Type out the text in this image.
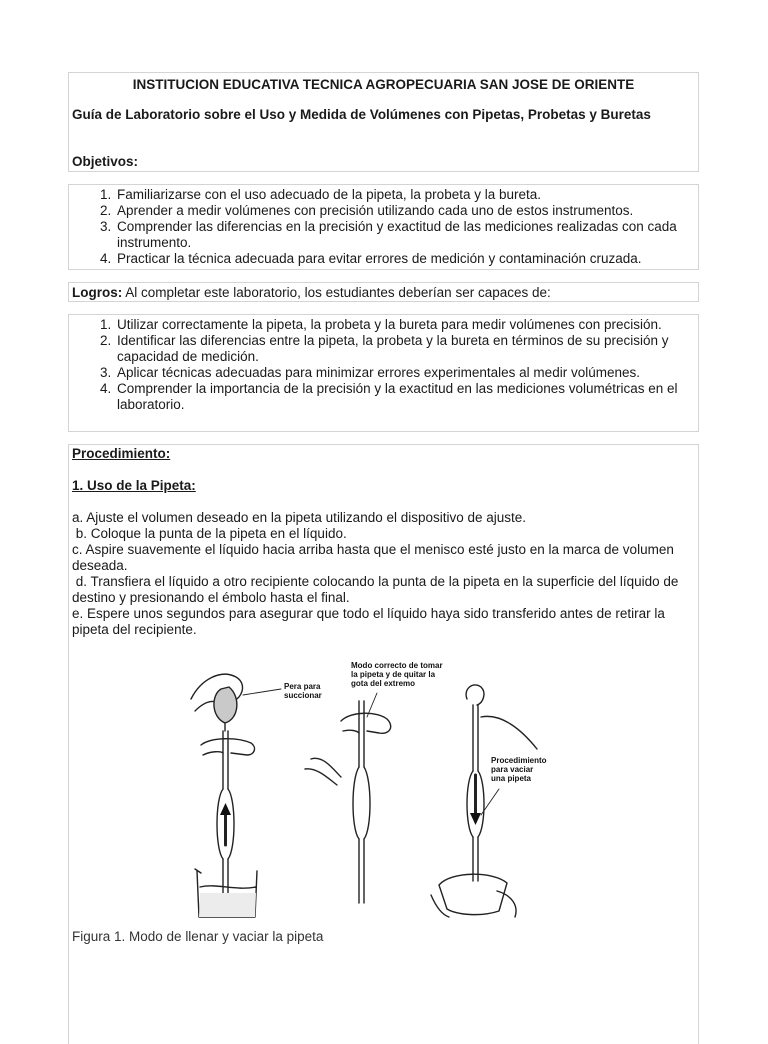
INSTITUCION EDUCATIVA TECNICA AGROPECUARIA SAN JOSE DE ORIENTE
Guía de Laboratorio sobre el Uso y Medida de Volúmenes con Pipetas, Probetas y Buretas
Objetivos:
1. Familiarizarse con el uso adecuado de la pipeta, la probeta y la bureta.
2. Aprender a medir volúmenes con precisión utilizando cada uno de estos instrumentos.
3. Comprender las diferencias en la precisión y exactitud de las mediciones realizadas con cada instrumento.
4. Practicar la técnica adecuada para evitar errores de medición y contaminación cruzada.
Logros: Al completar este laboratorio, los estudiantes deberían ser capaces de:
1. Utilizar correctamente la pipeta, la probeta y la bureta para medir volúmenes con precisión.
2. Identificar las diferencias entre la pipeta, la probeta y la bureta en términos de su precisión y capacidad de medición.
3. Aplicar técnicas adecuadas para minimizar errores experimentales al medir volúmenes.
4. Comprender la importancia de la precisión y la exactitud en las mediciones volumétricas en el laboratorio.
Procedimiento:
1. Uso de la Pipeta:
a. Ajuste el volumen deseado en la pipeta utilizando el dispositivo de ajuste.
b. Coloque la punta de la pipeta en el líquido.
c. Aspire suavemente el líquido hacia arriba hasta que el menisco esté justo en la marca de volumen deseada.
d. Transfiera el líquido a otro recipiente colocando la punta de la pipeta en la superficie del líquido de destino y presionando el émbolo hasta el final.
e. Espere unos segundos para asegurar que todo el líquido haya sido transferido antes de retirar la pipeta del recipiente.
Pera para
succionar
Modo correcto de tomar
la pipeta y de quitar la
gota del extremo
Procedimiento
para vaciar
una pipeta
Figura 1. Modo de llenar y vaciar la pipeta
